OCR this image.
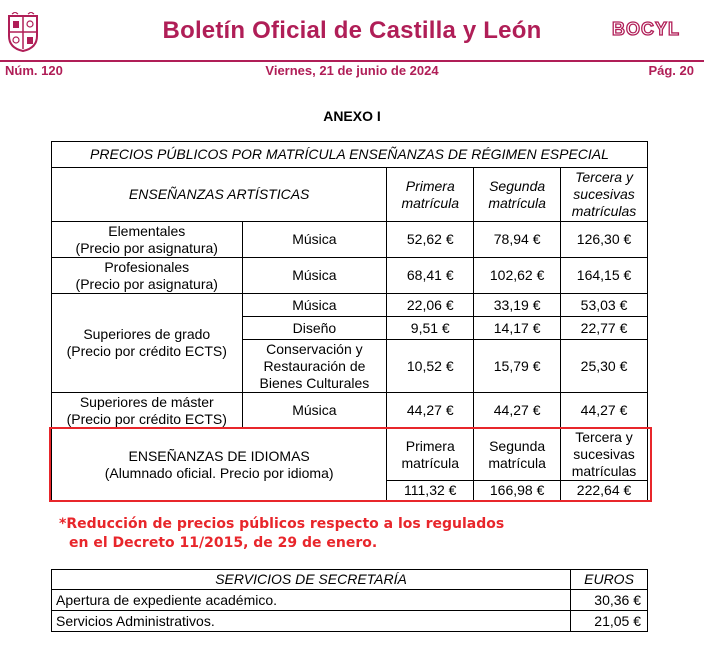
Boletín Oficial de Castilla y León	BOCYL
Núm. 120	Viernes, 21 de junio de 2024	Pág. 20
ANEXO I
PRECIOS PÚBLICOS POR MATRÍCULA ENSEÑANZAS DE RÉGIMEN ESPECIAL				
ENSEÑANZAS ARTÍSTICAS		Primera matrícula	Segunda matrícula	Tercera y sucesivas matrículas
Elementales
(Precio por asignatura)	Música	52,62 €	78,94 €	126,30 €
Profesionales
(Precio por asignatura)	Música	68,41 €	102,62 €	164,15 €
Superiores de grado
(Precio por crédito ECTS)	Música	22,06 €	33,19 €	53,03 €
	Diseño	9,51 €	14,17 €	22,77 €
	Conservación y Restauración de Bienes Culturales	10,52 €	15,79 €	25,30 €
Superiores de máster
(Precio por crédito ECTS)	Música	44,27 €	44,27 €	44,27 €
ENSEÑANZAS DE IDIOMAS
(Alumnado oficial. Precio por idioma)		Primera matrícula	Segunda matrícula	Tercera y sucesivas matrículas
		111,32 €	166,98 €	222,64 €
*Reducción de precios públicos respecto a los regulados
en el Decreto 11/2015, de 29 de enero.
SERVICIOS DE SECRETARÍA	EUROS
Apertura de expediente académico.	30,36 €
Servicios Administrativos.	21,05 €
